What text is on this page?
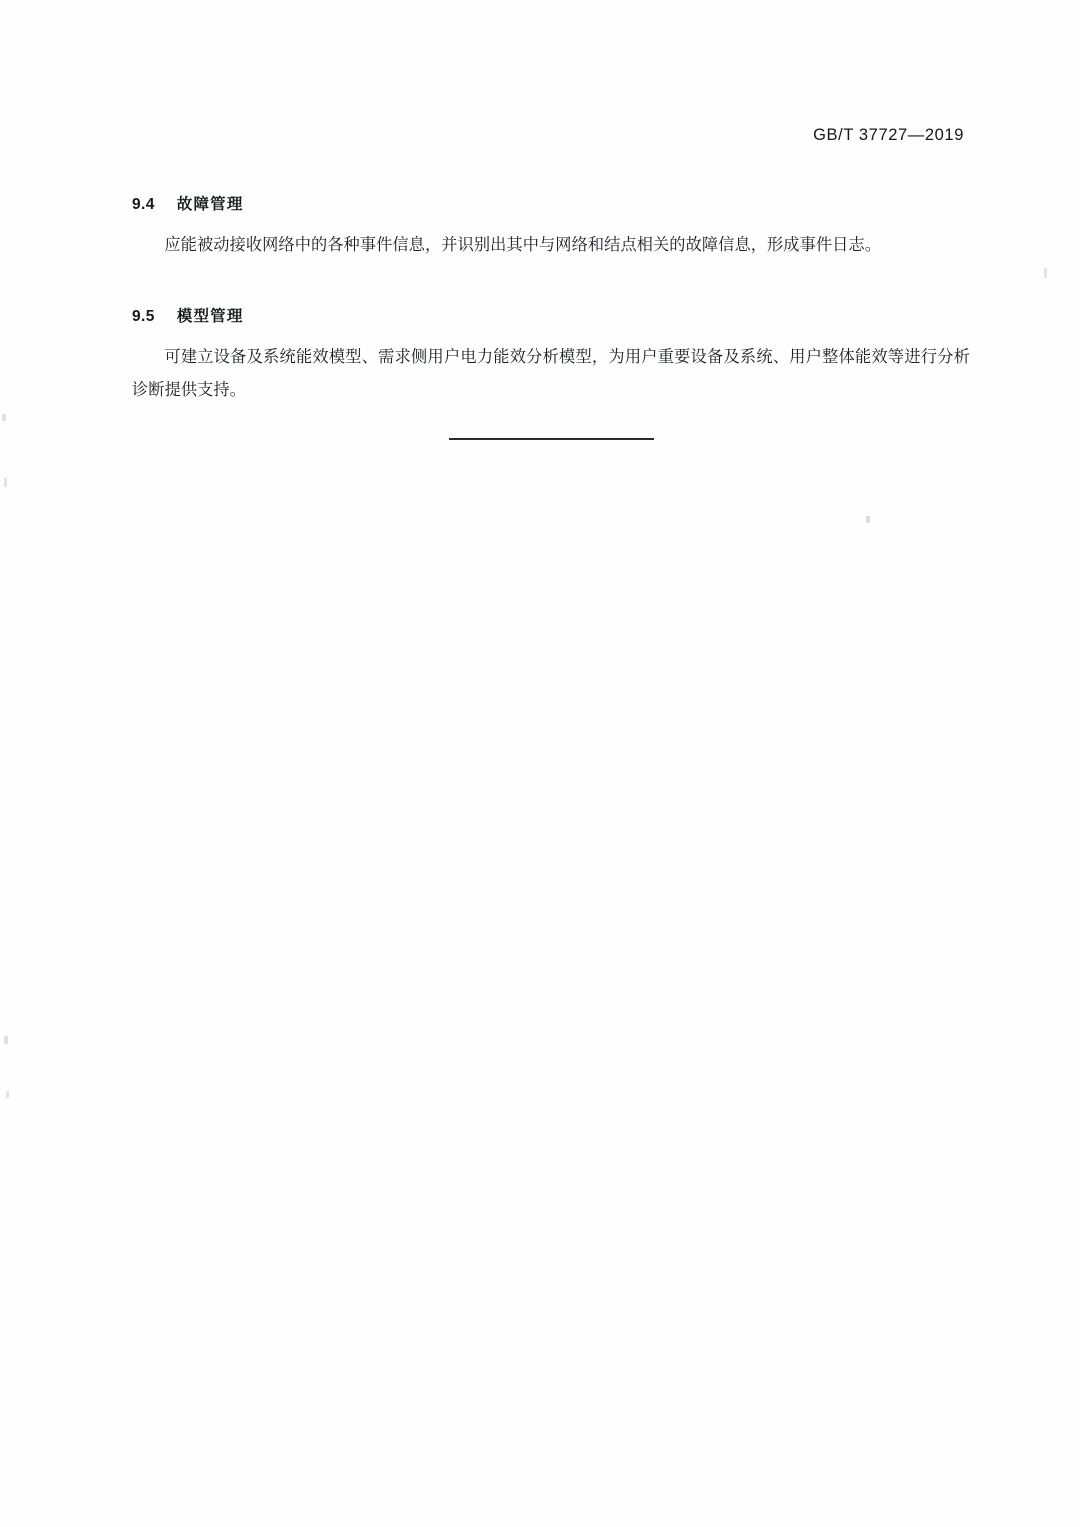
GB/T 37727—2019
9.4 故障管理
应能被动接收网络中的各种事件信息，并识别出其中与网络和结点相关的故障信息，形成事件日志。
9.5 模型管理
可建立设备及系统能效模型、需求侧用户电力能效分析模型，为用户重要设备及系统、用户整体能效等进行分析诊断提供支持。
